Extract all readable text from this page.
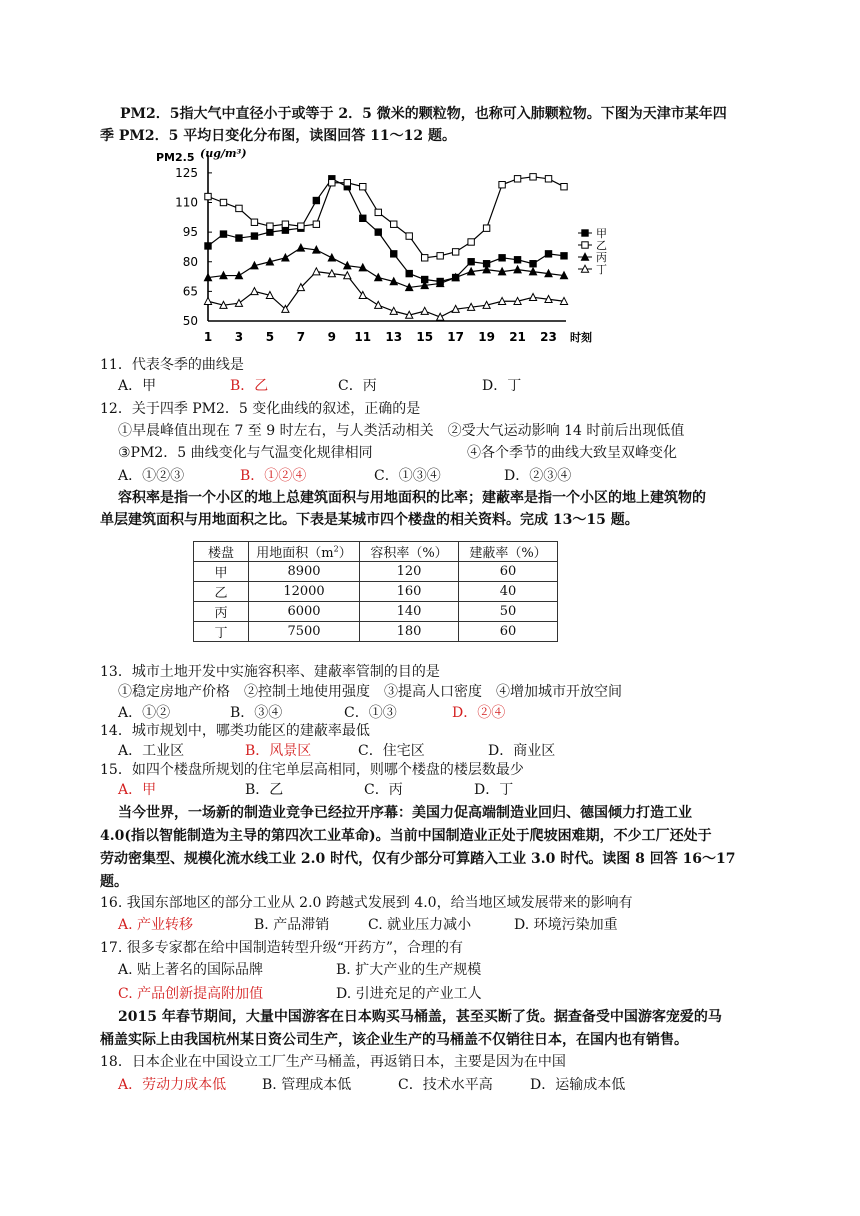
PM2．5指大气中直径小于或等于 2．5 微米的颗粒物，也称可入肺颗粒物。下图为天津市某年四
季 PM2．5 平均日变化分布图，读图回答 11～12 题。
50
65
80
95
110
125
1 3 5 7 9 11 13 15 17 19 21 23 时刻
PM2.5 (ug/m³)
甲
乙
丙
丁
11．代表冬季的曲线是
A．甲	B．乙	C．丙	D．丁
12．关于四季 PM2．5 变化曲线的叙述，正确的是
①早晨峰值出现在 7 至 9 时左右，与人类活动相关　②受大气运动影响 14 时前后出现低值
③PM2．5 曲线变化与气温变化规律相同	④各个季节的曲线大致呈双峰变化
A．①②③	B．①②④	C．①③④	D．②③④
容积率是指一个小区的地上总建筑面积与用地面积的比率；建蔽率是指一个小区的地上建筑物的
单层建筑面积与用地面积之比。下表是某城市四个楼盘的相关资料。完成 13～15 题。
楼盘	用地面积$(m^2)$	容积率（%）	建蔽率（%）
甲	8900	120	60
乙	12000	160	40
丙	6000	140	50
丁	7500	180	60
13．城市土地开发中实施容积率、建蔽率管制的目的是
①稳定房地产价格　②控制土地使用强度　③提高人口密度　④增加城市开放空间
A．①②	B．③④	C．①③	D．②④
14．城市规划中，哪类功能区的建蔽率最低
A．工业区	B．风景区	C．住宅区	D．商业区
15．如四个楼盘所规划的住宅单层高相同，则哪个楼盘的楼层数最少
A．甲	B．乙	C．丙	D．丁
当今世界，一场新的制造业竞争已经拉开序幕：美国力促高端制造业回归、德国倾力打造工业
4.0(指以智能制造为主导的第四次工业革命)。当前中国制造业正处于爬坡困难期，不少工厂还处于
劳动密集型、规模化流水线工业 2.0 时代，仅有少部分可算踏入工业 3.0 时代。读图 8 回答 16～17
题。
16. 我国东部地区的部分工业从 2.0 跨越式发展到 4.0，给当地区域发展带来的影响有
A. 产业转移	B. 产品滞销	C. 就业压力减小	D. 环境污染加重
17. 很多专家都在给中国制造转型升级“开药方”，合理的有
A. 贴上著名的国际品牌	B. 扩大产业的生产规模
C. 产品创新提高附加值	D. 引进充足的产业工人
2015 年春节期间，大量中国游客在日本购买马桶盖，甚至买断了货。据查备受中国游客宠爱的马
桶盖实际上由我国杭州某日资公司生产，该企业生产的马桶盖不仅销往日本，在国内也有销售。
18．日本企业在中国设立工厂生产马桶盖，再返销日本，主要是因为在中国
A．劳动力成本低	B. 管理成本低	C．技术水平高	D．运输成本低
